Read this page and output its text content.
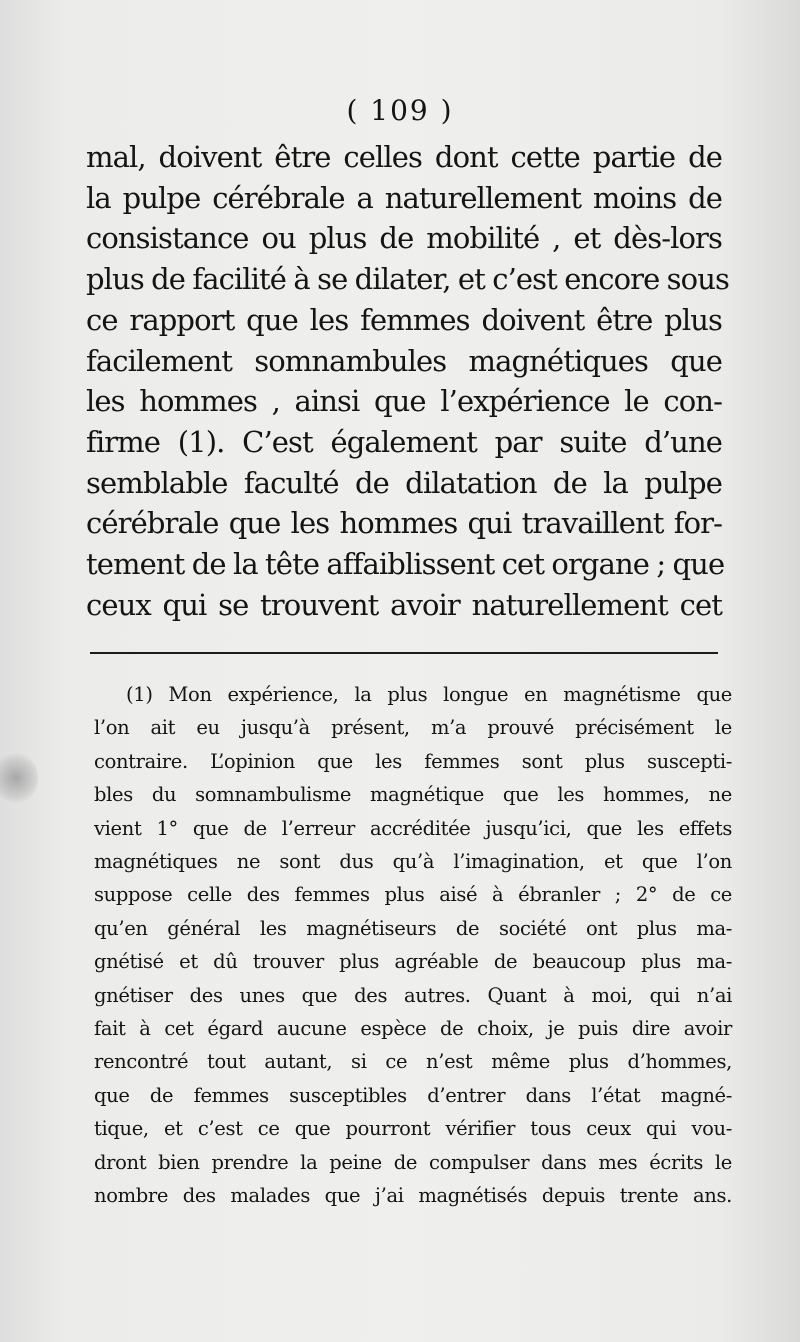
( 109 )
mal, doivent être celles dont cette partie de
la pulpe cérébrale a naturellement moins de
consistance ou plus de mobilité , et dès-lors
plus de facilité à se dilater, et c’est encore sous
ce rapport que les femmes doivent être plus
facilement somnambules magnétiques que
les hommes , ainsi que l’expérience le con-
firme (1). C’est également par suite d’une
semblable faculté de dilatation de la pulpe
cérébrale que les hommes qui travaillent for-
tement de la tête affaiblissent cet organe ; que
ceux qui se trouvent avoir naturellement cet
(1) Mon expérience, la plus longue en magnétisme que
l’on ait eu jusqu’à présent, m’a prouvé précisément le
contraire. L’opinion que les femmes sont plus suscepti-
bles du somnambulisme magnétique que les hommes, ne
vient 1° que de l’erreur accréditée jusqu’ici, que les effets
magnétiques ne sont dus qu’à l’imagination, et que l’on
suppose celle des femmes plus aisé à ébranler ; 2° de ce
qu’en général les magnétiseurs de société ont plus ma-
gnétisé et dû trouver plus agréable de beaucoup plus ma-
gnétiser des unes que des autres. Quant à moi, qui n’ai
fait à cet égard aucune espèce de choix, je puis dire avoir
rencontré tout autant, si ce n’est même plus d’hommes,
que de femmes susceptibles d’entrer dans l’état magné-
tique, et c’est ce que pourront vérifier tous ceux qui vou-
dront bien prendre la peine de compulser dans mes écrits le
nombre des malades que j’ai magnétisés depuis trente ans.
